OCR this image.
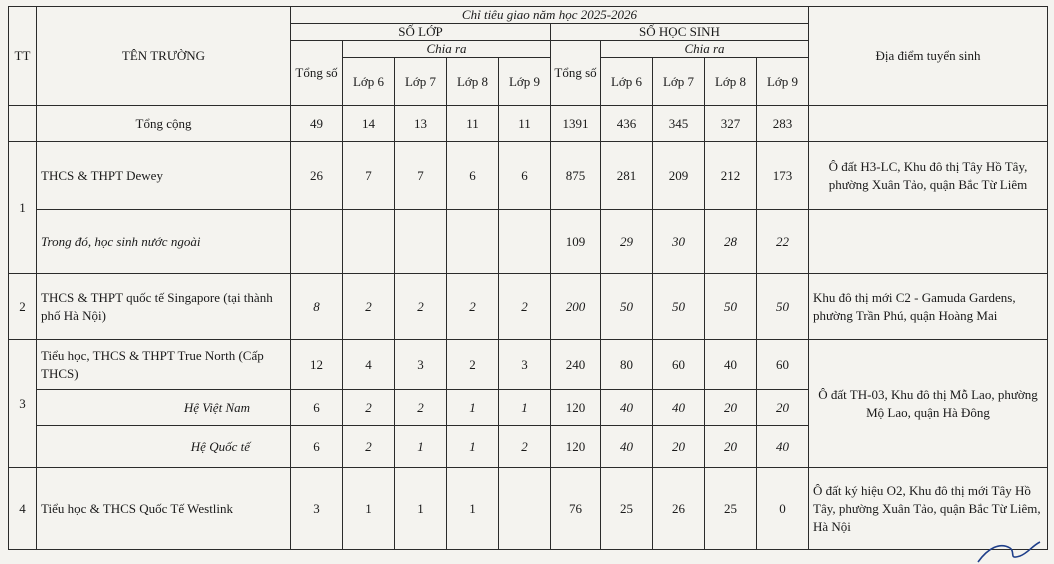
TT	TÊN TRƯỜNG	Chỉ tiêu giao năm học 2025-2026										Địa điểm tuyển sinh
		SỐ LỚP					SỐ HỌC SINH					
		Tổng số	Chia ra				Tổng số	Chia ra				
			Lớp 6	Lớp 7	Lớp 8	Lớp 9		Lớp 6	Lớp 7	Lớp 8	Lớp 9	
	Tổng cộng	49	14	13	11	11	1391	436	345	327	283	
1	THCS & THPT Dewey	26	7	7	6	6	875	281	209	212	173	Ô đất H3-LC, Khu đô thị Tây Hồ Tây, phường Xuân Tảo, quận Bắc Từ Liêm
	Trong đó, học sinh nước ngoài						109	29	30	28	22	
2	THCS & THPT quốc tế Singapore (tại thành phố Hà Nội)	8	2	2	2	2	200	50	50	50	50	Khu đô thị mới C2 - Gamuda Gardens, phường Trần Phú, quận Hoàng Mai
3	Tiểu học, THCS & THPT True North (Cấp THCS)	12	4	3	2	3	240	80	60	40	60	Ô đất TH-03, Khu đô thị Mỗ Lao, phường Mộ Lao, quận Hà Đông
	Hệ Việt Nam	6	2	2	1	1	120	40	40	20	20	
	Hệ Quốc tế	6	2	1	1	2	120	40	20	20	40	
4	Tiểu học & THCS Quốc Tế Westlink	3	1	1	1		76	25	26	25	0	Ô đất ký hiệu O2, Khu đô thị mới Tây Hồ Tây, phường Xuân Tảo, quận Bắc Từ Liêm, Hà Nội
